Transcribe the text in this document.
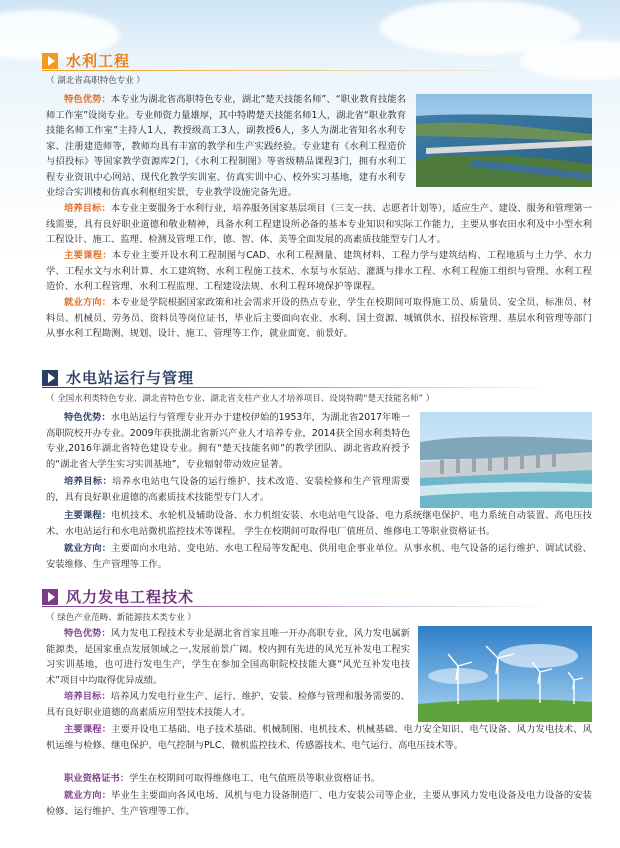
水利工程
（ 湖北省高职特色专业 ）
特色优势：本专业为湖北省高职特色专业，湖北“楚天技能名师”、“职业教育技能名师工作室”设岗专业。专业师资力量雄厚，其中特聘楚天技能名师1人，湖北省“职业教育技能名师工作室”主持人1人，教授级高工3人，副教授6人，多人为湖北省知名水利专家、注册建造师等，教师均具有丰富的教学和生产实践经验。专业建有《水利工程造价与招投标》等国家教学资源库2门，《水利工程制图》等省级精品课程3门，拥有水利工程专业资讯中心网站、现代化教学实训室、仿真实训中心、校外实习基地，建有水利专业综合实训楼和仿真水利枢纽实景，专业教学设施完备先进。
培养目标：本专业主要服务于水利行业，培养服务国家基层项目（三支一扶、志愿者计划等），适应生产、建设、服务和管理第一线需要，具有良好职业道德和敬业精神，具备水利工程建设所必备的基本专业知识和实际工作能力，主要从事农田水利及中小型水利工程设计、施工、监理、检测及管理工作，德、智、体、美等全面发展的高素质技能型专门人才。
主要课程：本专业主要开设水利工程制图与CAD、水利工程测量、建筑材料、工程力学与建筑结构、工程地质与土力学、水力学、工程水文与水利计算、水工建筑物、水利工程施工技术、水泵与水泵站、灌溉与排水工程、水利工程施工组织与管理、水利工程造价、水利工程管理、水利工程监理、工程建设法规、水利工程环境保护等课程。
就业方向：本专业是学院根据国家政策和社会需求开设的热点专业，学生在校期间可取得施工员、质量员、安全员、标准员、材料员、机械员、劳务员、资料员等岗位证书，毕业后主要面向农业、水利、国土资源、城镇供水、招投标管理、基层水利管理等部门从事水利工程勘测、规划、设计、施工、管理等工作，就业面宽、前景好。
水电站运行与管理
（ 全国水利类特色专业、湖北省特色专业、湖北省支柱产业人才培养项目、设岗特聘“楚天技能名师” ）
特色优势：水电站运行与管理专业开办于建校伊始的1953年，为湖北省2017年唯一高职院校开办专业。2009年获批湖北省新兴产业人才培养专业，2014获全国水利类特色专业,2016年湖北省特色建设专业。拥有“楚天技能名师”的教学团队、湖北省政府授予的“湖北省大学生实习实训基地”，专业辐射带动效应显著。
培养目标：培养水电站电气设备的运行维护、技术改造、安装检修和生产管理需要的，具有良好职业道德的高素质技术技能型专门人才。
主要课程：电机技术、水轮机及辅助设备、水力机组安装、水电站电气设备、电力系统继电保护、电力系统自动装置、高电压技术、水电站运行和水电站微机监控技术等课程。 学生在校期间可取得电厂值班员、维修电工等职业资格证书。
就业方向：主要面向水电站、变电站、水电工程局等发配电、供用电企事业单位。从事水机、电气设备的运行维护、调试试验、安装维修、生产管理等工作。
风力发电工程技术
（ 绿色产业范畴、新能源技术类专业 ）
特色优势：风力发电工程技术专业是湖北省首家且唯一开办高职专业，风力发电属新能源类，是国家重点发展领域之一,发展前景广阔。校内拥有先进的风光互补发电工程实习实训基地，也可进行发电生产，学生在参加全国高职院校技能大赛“风光互补发电技术”项目中均取得优异成绩。
培养目标：培养风力发电行业生产、运行、维护、安装、检修与管理和服务需要的、具有良好职业道德的高素质应用型技术技能人才。
主要课程：主要开设电工基础、电子技术基础、机械制图、电机技术、机械基础、电力安全知识、电气设备、风力发电技术、风机运维与检修、继电保护、电气控制与PLC、微机监控技术、传感器技术、电气运行、高电压技术等。
职业资格证书：学生在校期间可取得维修电工、电气值班员等职业资格证书。
就业方向：毕业生主要面向各风电场、风机与电力设备制造厂、电力安装公司等企业，主要从事风力发电设备及电力设备的安装检修、运行维护、生产管理等工作。
